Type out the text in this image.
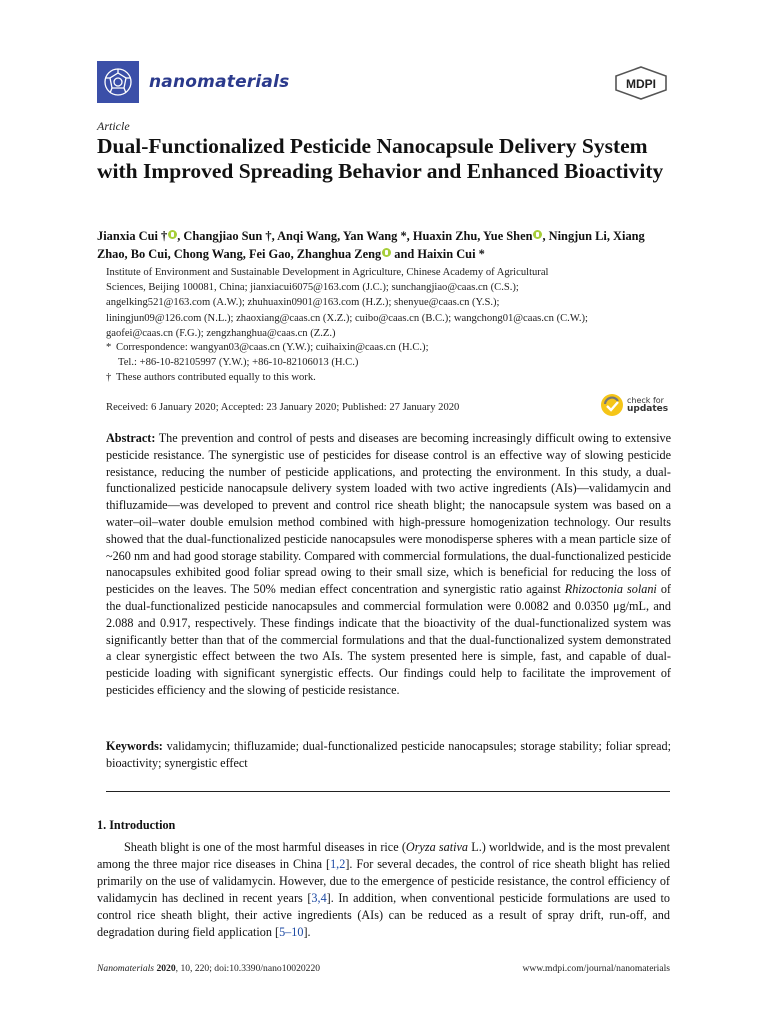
nanomaterials	MDPI
Article
Dual-Functionalized Pesticide Nanocapsule Delivery System with Improved Spreading Behavior and Enhanced Bioactivity
Jianxia Cui † , Changjiao Sun †, Anqi Wang, Yan Wang *, Huaxin Zhu, Yue Shen , Ningjun Li, Xiang Zhao, Bo Cui, Chong Wang, Fei Gao, Zhanghua Zeng and Haixin Cui *

Institute of Environment and Sustainable Development in Agriculture, Chinese Academy of Agricultural

Sciences, Beijing 100081, China; jianxiacui6075@163.com (J.C.); sunchangjiao@caas.cn (C.S.);

angelking521@163.com (A.W.); zhuhuaxin0901@163.com (H.Z.); shenyue@caas.cn (Y.S.);

liningjun09@126.com (N.L.); zhaoxiang@caas.cn (X.Z.); cuibo@caas.cn (B.C.); wangchong01@caas.cn (C.W.);

gaofei@caas.cn (F.G.); zengzhanghua@caas.cn (Z.Z.)

* Correspondence: wangyan03@caas.cn (Y.W.); cuihaixin@caas.cn (H.C.);

Tel.: +86-10-82105997 (Y.W.); +86-10-82106013 (H.C.)

† These authors contributed equally to this work.

Received: 6 January 2020; Accepted: 23 January 2020; Published: 27 January 2020
check for
updates

Abstract: The prevention and control of pests and diseases are becoming increasingly difficult owing to extensive pesticide resistance. The synergistic use of pesticides for disease control is an effective way of slowing pesticide resistance, reducing the number of pesticide applications, and protecting the environment. In this study, a dual-functionalized pesticide nanocapsule delivery system loaded with two active ingredients (AIs)—validamycin and thifluzamide—was developed to prevent and control rice sheath blight; the nanocapsule system was based on a water–oil–water double emulsion method combined with high-pressure homogenization technology. Our results showed that the dual-functionalized pesticide nanocapsules were monodisperse spheres with a mean particle size of ~260 nm and had good storage stability. Compared with commercial formulations, the dual-functionalized pesticide nanocapsules exhibited good foliar spread owing to their small size, which is beneficial for reducing the loss of pesticides on the leaves. The 50% median effect concentration and synergistic ratio against Rhizoctonia solani of the dual-functionalized pesticide nanocapsules and commercial formulation were 0.0082 and 0.0350 μg/mL, and 2.088 and 0.917, respectively. These findings indicate that the bioactivity of the dual-functionalized system was significantly better than that of the commercial formulations and that the dual-functionalized system demonstrated a clear synergistic effect between the two AIs. The system presented here is simple, fast, and capable of dual-pesticide loading with significant synergistic effects. Our findings could help to facilitate the improvement of pesticides efficiency and the slowing of pesticide resistance.

Keywords: validamycin; thifluzamide; dual-functionalized pesticide nanocapsules; storage stability; foliar spread; bioactivity; synergistic effect

1. Introduction

Sheath blight is one of the most harmful diseases in rice (Oryza sativa L.) worldwide, and is the most prevalent among the three major rice diseases in China [1,2]. For several decades, the control of rice sheath blight has relied primarily on the use of validamycin. However, due to the emergence of pesticide resistance, the control efficiency of validamycin has declined in recent years [3,4]. In addition, when conventional pesticide formulations are used to control rice sheath blight, their active ingredients (AIs) can be reduced as a result of spray drift, run-off, and degradation during field application [5–10].

Nanomaterials 2020, 10, 220; doi:10.3390/nano10020220	www.mdpi.com/journal/nanomaterials
